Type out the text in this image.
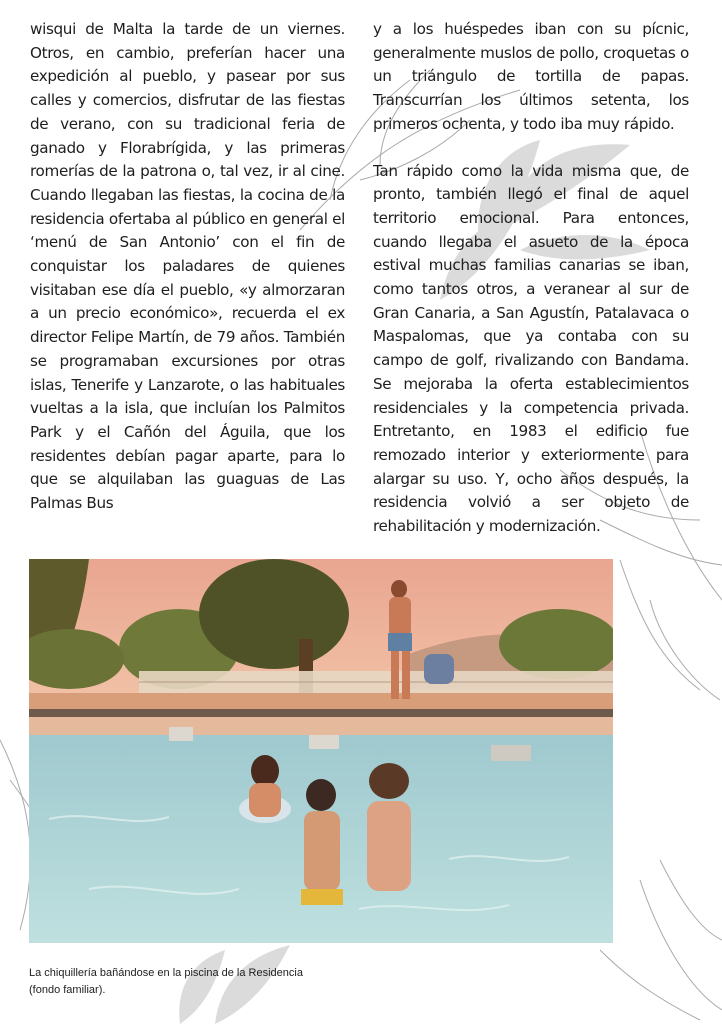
wisqui de Malta la tarde de un viernes. Otros, en cambio, preferían hacer una expedición al pueblo, y pasear por sus calles y comercios, disfrutar de las fiestas de verano, con su tradicional feria de ganado y Florabrígida, y las primeras romerías de la patrona o, tal vez, ir al cine. Cuando llegaban las fiestas, la cocina de la residencia ofertaba al público en general el ‘menú de San Antonio’ con el fin de conquistar los paladares de quienes visitaban ese día el pueblo, «y almorzaran a un precio económico», recuerda el ex director Felipe Martín, de 79 años. También se programaban excursiones por otras islas, Tenerife y Lanzarote, o las habituales vueltas a la isla, que incluían los Palmitos Park y el Cañón del Águila, que los residentes debían pagar aparte, para lo que se alquilaban las guaguas de Las Palmas Bus

y a los huéspedes iban con su pícnic, generalmente muslos de pollo, croquetas o un triángulo de tortilla de papas. Transcurrían los últimos setenta, los primeros ochenta, y todo iba muy rápido.

Tan rápido como la vida misma que, de pronto, también llegó el final de aquel territorio emocional. Para entonces, cuando llegaba el asueto de la época estival muchas familias canarias se iban, como tantos otros, a veranear al sur de Gran Canaria, a San Agustín, Patalavaca o Maspalomas, que ya contaba con su campo de golf, rivalizando con Bandama. Se mejoraba la oferta establecimientos residenciales y la competencia privada. Entretanto, en 1983 el edificio fue remozado interior y exteriormente para alargar su uso. Y, ocho años después, la residencia volvió a ser objeto de rehabilitación y modernización.

La chiquillería bañándose en la piscina de la Residencia
(fondo familiar).
